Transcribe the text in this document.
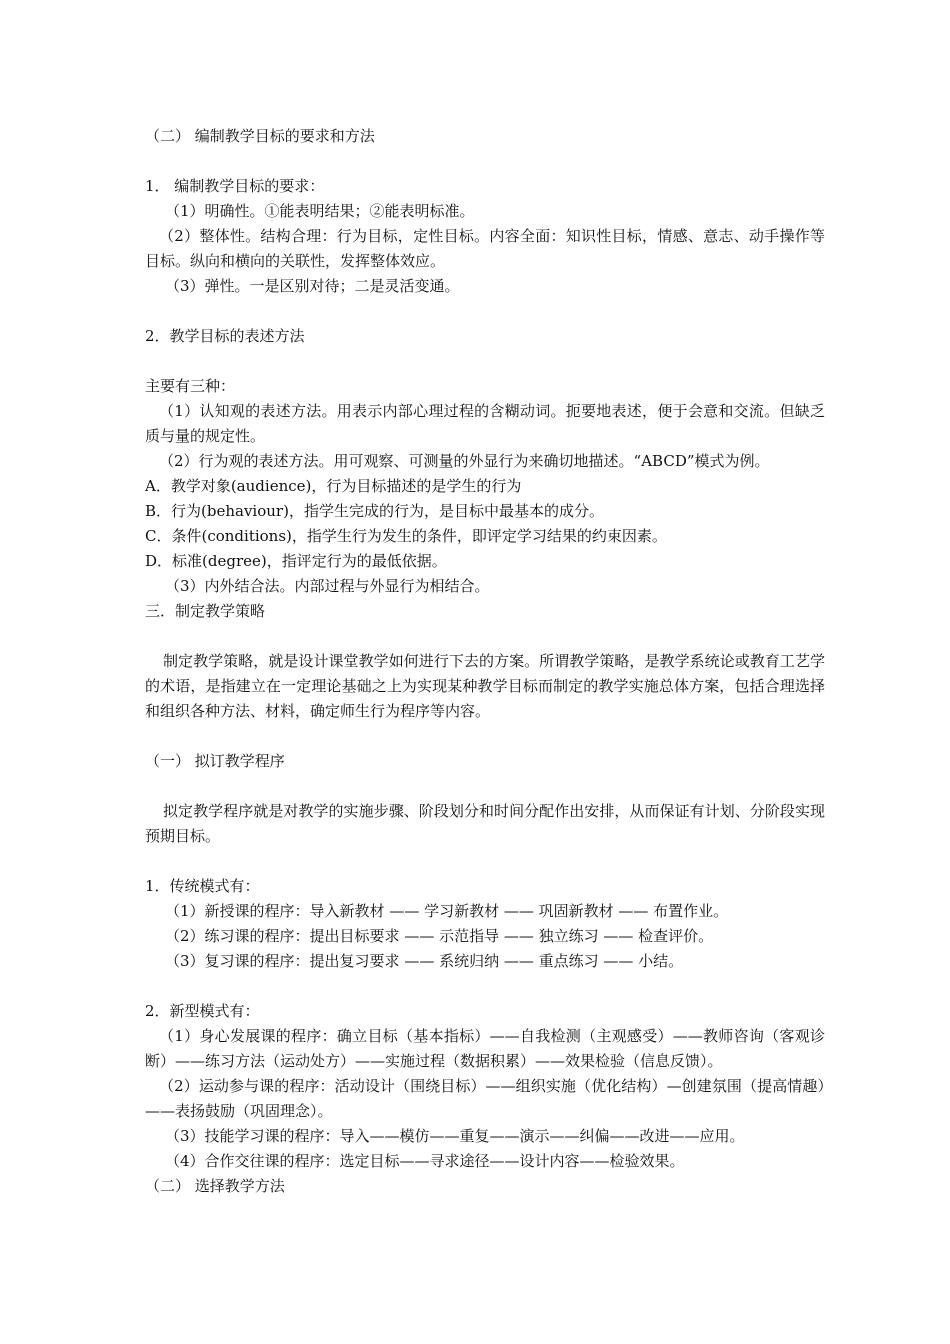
（二） 编制教学目标的要求和方法

1． 编制教学目标的要求：

（1）明确性。①能表明结果；②能表明标准。

（2）整体性。结构合理：行为目标，定性目标。内容全面：知识性目标，情感、意志、动手操作等目标。纵向和横向的关联性，发挥整体效应。

（3）弹性。一是区别对待；二是灵活变通。

2．教学目标的表述方法

主要有三种：

（1）认知观的表述方法。用表示内部心理过程的含糊动词。扼要地表述，便于会意和交流。但缺乏质与量的规定性。

（2）行为观的表述方法。用可观察、可测量的外显行为来确切地描述。“ABCD”模式为例。

A．教学对象(audience)，行为目标描述的是学生的行为

B．行为(behaviour)，指学生完成的行为，是目标中最基本的成分。

C．条件(conditions)，指学生行为发生的条件，即评定学习结果的约束因素。

D．标准(degree)，指评定行为的最低依据。

（3）内外结合法。内部过程与外显行为相结合。

三．制定教学策略

制定教学策略，就是设计课堂教学如何进行下去的方案。所谓教学策略，是教学系统论或教育工艺学的术语，是指建立在一定理论基础之上为实现某种教学目标而制定的教学实施总体方案，包括合理选择和组织各种方法、材料，确定师生行为程序等内容。

（一） 拟订教学程序

拟定教学程序就是对教学的实施步骤、阶段划分和时间分配作出安排，从而保证有计划、分阶段实现预期目标。

1．传统模式有：

（1）新授课的程序：导入新教材 —— 学习新教材 —— 巩固新教材 —— 布置作业。

（2）练习课的程序：提出目标要求 —— 示范指导 —— 独立练习 —— 检查评价。

（3）复习课的程序：提出复习要求 —— 系统归纳 —— 重点练习 —— 小结。

2．新型模式有：

（1）身心发展课的程序：确立目标（基本指标）——自我检测（主观感受）——教师咨询（客观诊断）——练习方法（运动处方）——实施过程（数据积累）——效果检验（信息反馈）。

（2）运动参与课的程序：活动设计（围绕目标）——组织实施（优化结构）—创建氛围（提高情趣）——表扬鼓励（巩固理念）。

（3）技能学习课的程序：导入——模仿——重复——演示——纠偏——改进——应用。

（4）合作交往课的程序：选定目标——寻求途径——设计内容——检验效果。

（二） 选择教学方法
